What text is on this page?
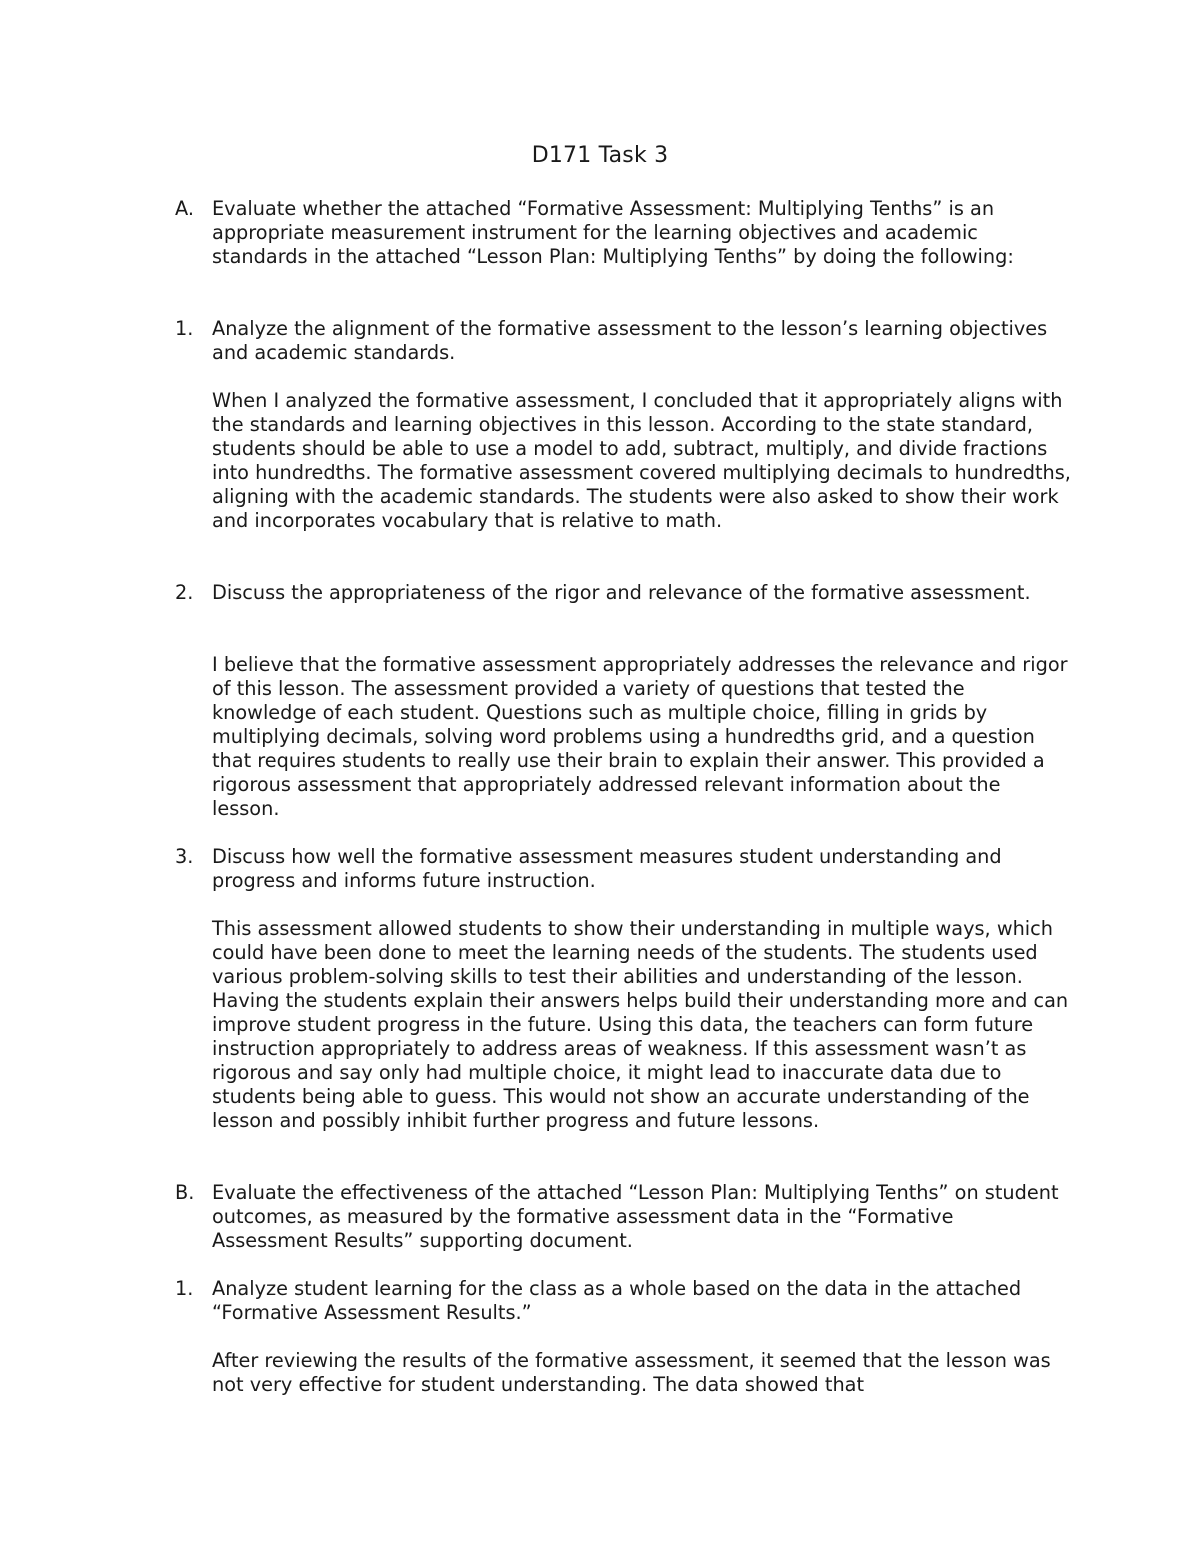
D171 Task 3
A. Evaluate whether the attached “Formative Assessment: Multiplying Tenths” is an appropriate measurement instrument for the learning objectives and academic standards in the attached “Lesson Plan: Multiplying Tenths” by doing the following:
1. Analyze the alignment of the formative assessment to the lesson’s learning objectives and academic standards.
When I analyzed the formative assessment, I concluded that it appropriately aligns with the standards and learning objectives in this lesson. According to the state standard, students should be able to use a model to add, subtract, multiply, and divide fractions into hundredths. The formative assessment covered multiplying decimals to hundredths, aligning with the academic standards. The students were also asked to show their work and incorporates vocabulary that is relative to math.
2. Discuss the appropriateness of the rigor and relevance of the formative assessment.
I believe that the formative assessment appropriately addresses the relevance and rigor of this lesson. The assessment provided a variety of questions that tested the knowledge of each student. Questions such as multiple choice, filling in grids by multiplying decimals, solving word problems using a hundredths grid, and a question that requires students to really use their brain to explain their answer. This provided a rigorous assessment that appropriately addressed relevant information about the lesson.
3. Discuss how well the formative assessment measures student understanding and progress and informs future instruction.
This assessment allowed students to show their understanding in multiple ways, which could have been done to meet the learning needs of the students. The students used various problem-solving skills to test their abilities and understanding of the lesson. Having the students explain their answers helps build their understanding more and can improve student progress in the future. Using this data, the teachers can form future instruction appropriately to address areas of weakness. If this assessment wasn’t as rigorous and say only had multiple choice, it might lead to inaccurate data due to students being able to guess. This would not show an accurate understanding of the lesson and possibly inhibit further progress and future lessons.
B. Evaluate the effectiveness of the attached “Lesson Plan: Multiplying Tenths” on student outcomes, as measured by the formative assessment data in the “Formative Assessment Results” supporting document.
1. Analyze student learning for the class as a whole based on the data in the attached “Formative Assessment Results.”
After reviewing the results of the formative assessment, it seemed that the lesson was not very effective for student understanding. The data showed that
